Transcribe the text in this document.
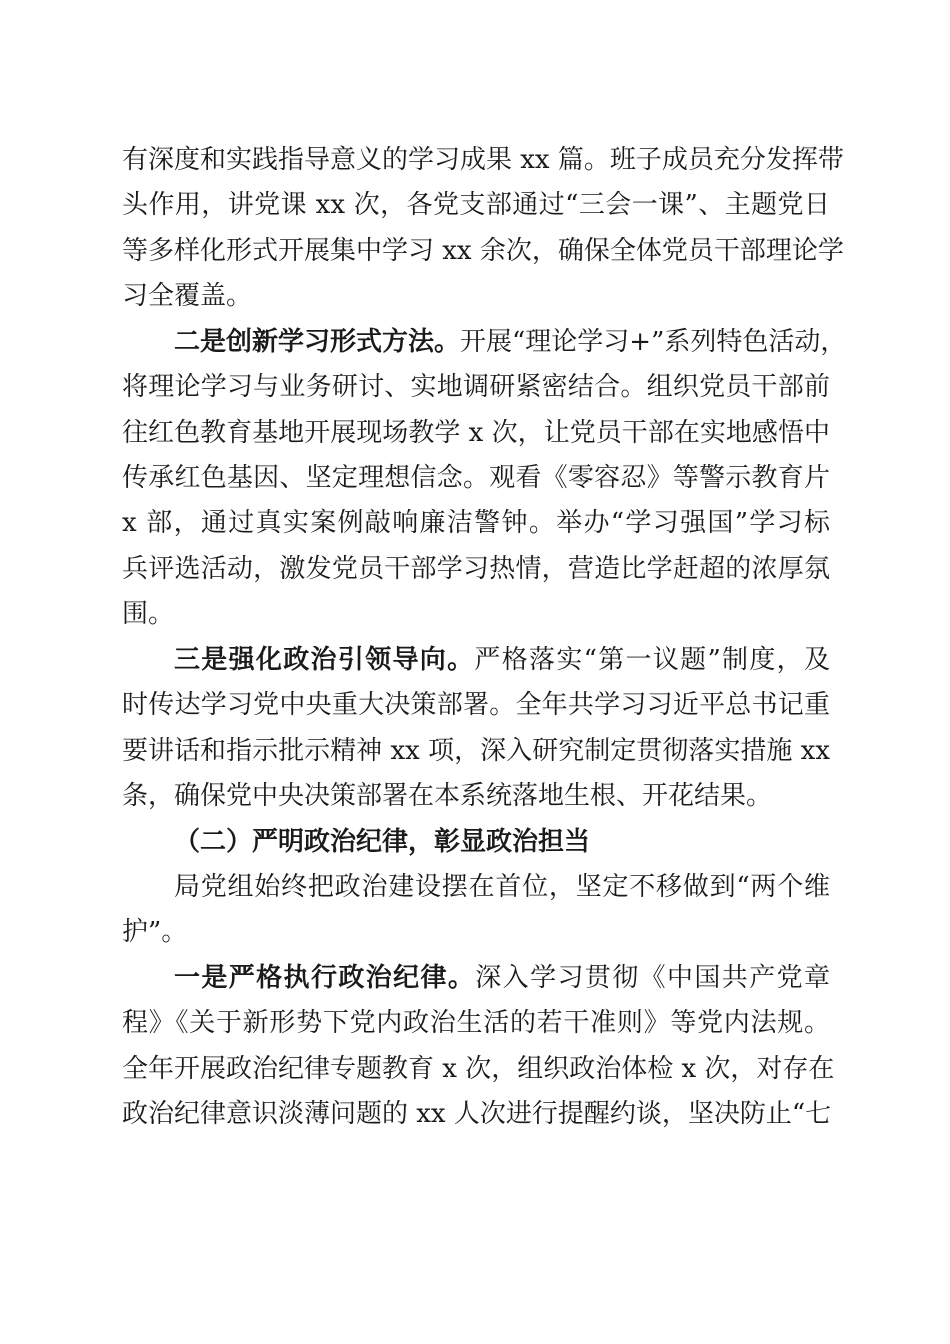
有深度和实践指导意义的学习成果 xx 篇。班子成员充分发挥带
头作用，讲党课 xx 次，各党支部通过“三会一课”、主题党日
等多样化形式开展集中学习 xx 余次，确保全体党员干部理论学
习全覆盖。
二是创新学习形式方法。开展“理论学习+”系列特色活动，
将理论学习与业务研讨、实地调研紧密结合。组织党员干部前
往红色教育基地开展现场教学 x 次，让党员干部在实地感悟中
传承红色基因、坚定理想信念。观看《零容忍》等警示教育片
x 部，通过真实案例敲响廉洁警钟。举办“学习强国”学习标
兵评选活动，激发党员干部学习热情，营造比学赶超的浓厚氛
围。
三是强化政治引领导向。严格落实“第一议题”制度，及
时传达学习党中央重大决策部署。全年共学习习近平总书记重
要讲话和指示批示精神 xx 项，深入研究制定贯彻落实措施 xx
条，确保党中央决策部署在本系统落地生根、开花结果。
（二）严明政治纪律，彰显政治担当
局党组始终把政治建设摆在首位，坚定不移做到“两个维
护”。
一是严格执行政治纪律。深入学习贯彻《中国共产党章
程》《关于新形势下党内政治生活的若干准则》等党内法规。
全年开展政治纪律专题教育 x 次，组织政治体检 x 次，对存在
政治纪律意识淡薄问题的 xx 人次进行提醒约谈，坚决防止“七
